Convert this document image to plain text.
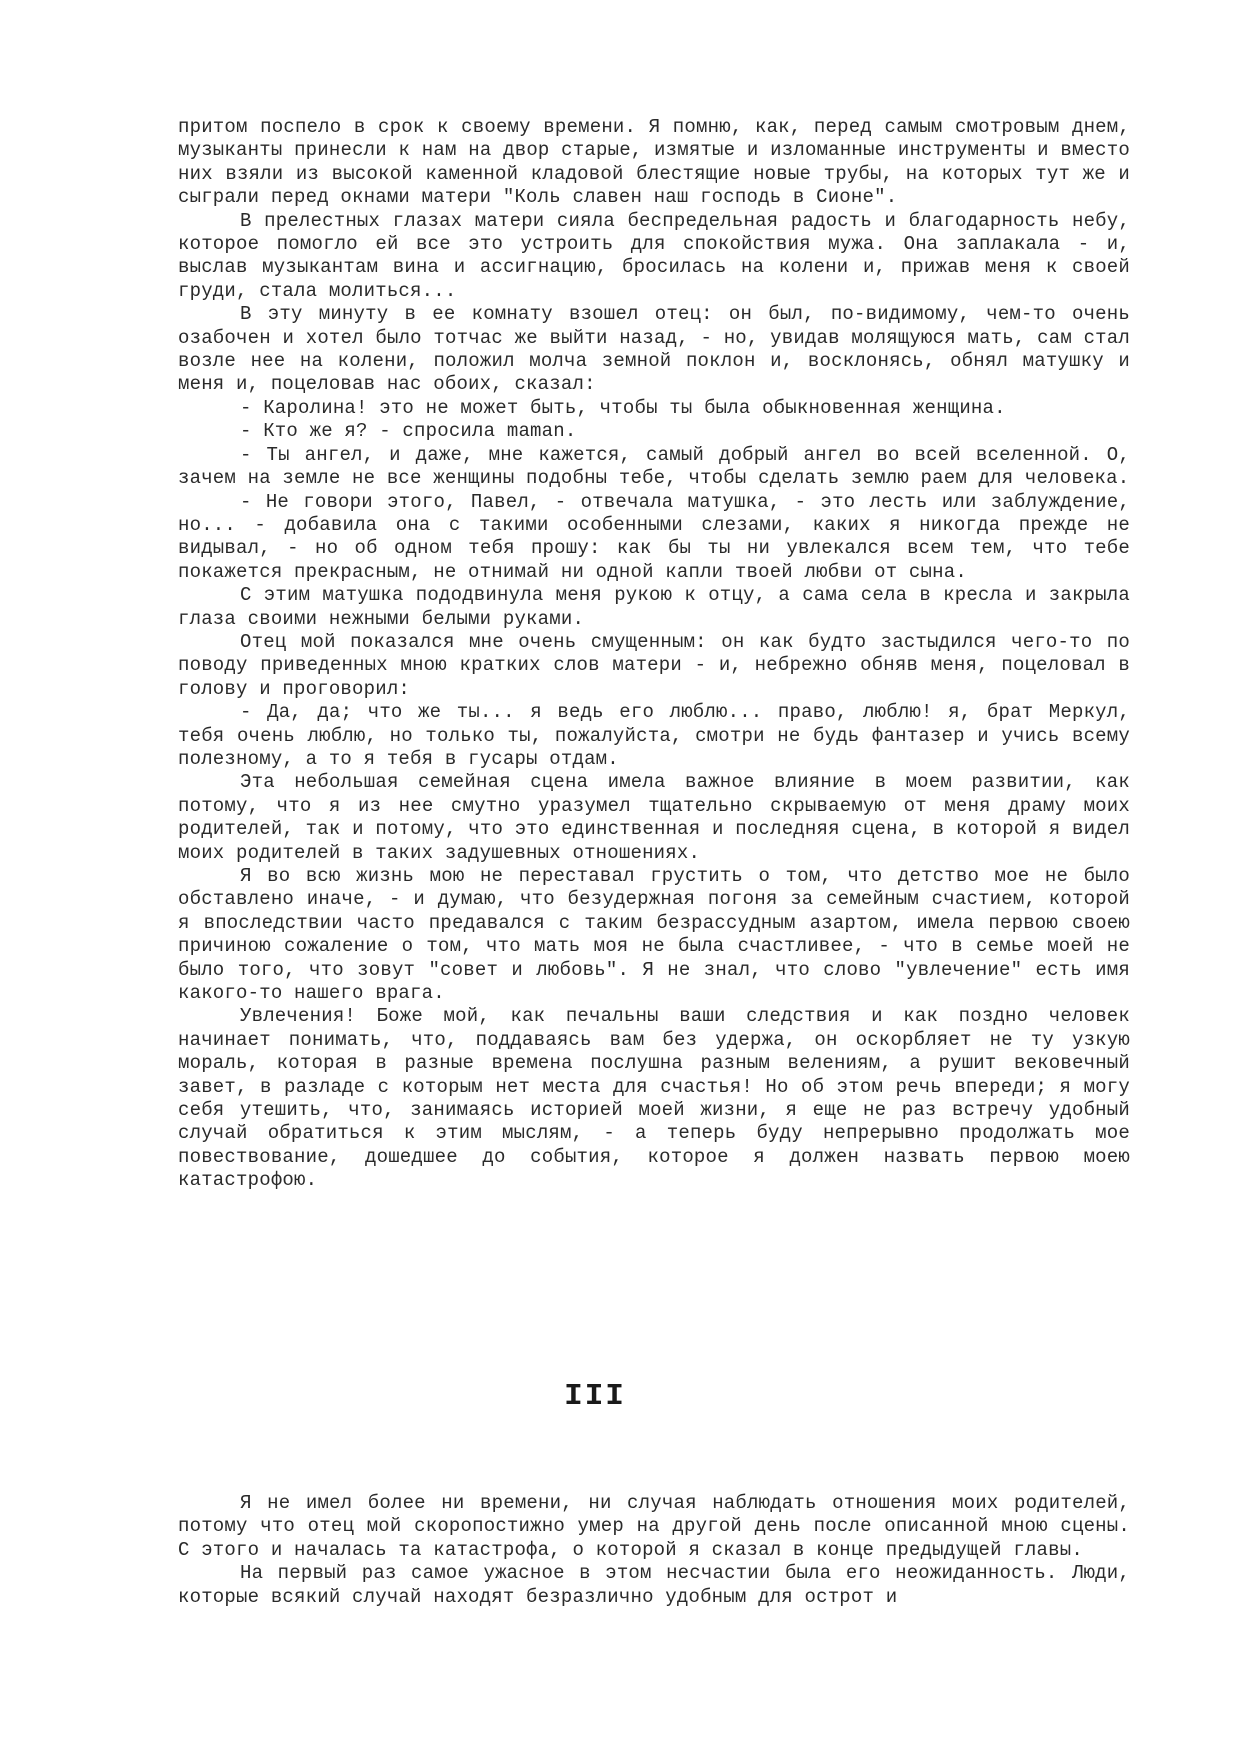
притом поспело в срок к своему времени. Я помню, как, перед самым смотровым днем, музыканты принесли к нам на двор старые, измятые и изломанные инструменты и вместо них взяли из высокой каменной кладовой блестящие новые трубы, на которых тут же и сыграли перед окнами матери "Коль славен наш господь в Сионе".

В прелестных глазах матери сияла беспредельная радость и благодарность небу, которое помогло ей все это устроить для спокойствия мужа. Она заплакала - и, выслав музыкантам вина и ассигнацию, бросилась на колени и, прижав меня к своей груди, стала молиться...

В эту минуту в ее комнату взошел отец: он был, по-видимому, чем-то очень озабочен и хотел было тотчас же выйти назад, - но, увидав молящуюся мать, сам стал возле нее на колени, положил молча земной поклон и, восклонясь, обнял матушку и меня и, поцеловав нас обоих, сказал:

- Каролина! это не может быть, чтобы ты была обыкновенная женщина.

- Кто же я? - спросила maman.

- Ты ангел, и даже, мне кажется, самый добрый ангел во всей вселенной. О, зачем на земле не все женщины подобны тебе, чтобы сделать землю раем для человека.

- Не говори этого, Павел, - отвечала матушка, - это лесть или заблуждение, но... - добавила она с такими особенными слезами, каких я никогда прежде не видывал, - но об одном тебя прошу: как бы ты ни увлекался всем тем, что тебе покажется прекрасным, не отнимай ни одной капли твоей любви от сына.

С этим матушка пододвинула меня рукою к отцу, а сама села в кресла и закрыла глаза своими нежными белыми руками.

Отец мой показался мне очень смущенным: он как будто застыдился чего-то по поводу приведенных мною кратких слов матери - и, небрежно обняв меня, поцеловал в голову и проговорил:

- Да, да; что же ты... я ведь его люблю... право, люблю! я, брат Меркул, тебя очень люблю, но только ты, пожалуйста, смотри не будь фантазер и учись всему полезному, а то я тебя в гусары отдам.

Эта небольшая семейная сцена имела важное влияние в моем развитии, как потому, что я из нее смутно уразумел тщательно скрываемую от меня драму моих родителей, так и потому, что это единственная и последняя сцена, в которой я видел моих родителей в таких задушевных отношениях.

Я во всю жизнь мою не переставал грустить о том, что детство мое не было обставлено иначе, - и думаю, что безудержная погоня за семейным счастием, которой я впоследствии часто предавался с таким безрассудным азартом, имела первою своею причиною сожаление о том, что мать моя не была счастливее, - что в семье моей не было того, что зовут "совет и любовь". Я не знал, что слово "увлечение" есть имя какого-то нашего врага.

Увлечения! Боже мой, как печальны ваши следствия и как поздно человек начинает понимать, что, поддаваясь вам без удержа, он оскорбляет не ту узкую мораль, которая в разные времена послушна разным велениям, а рушит вековечный завет, в разладе с которым нет места для счастья! Но об этом речь впереди; я могу себя утешить, что, занимаясь историей моей жизни, я еще не раз встречу удобный случай обратиться к этим мыслям, - а теперь буду непрерывно продолжать мое повествование, дошедшее до события, которое я должен назвать первою моею катастрофою.

III

Я не имел более ни времени, ни случая наблюдать отношения моих родителей, потому что отец мой скоропостижно умер на другой день после описанной мною сцены. С этого и началась та катастрофа, о которой я сказал в конце предыдущей главы.

На первый раз самое ужасное в этом несчастии была его неожиданность. Люди, которые всякий случай находят безразлично удобным для острот и
